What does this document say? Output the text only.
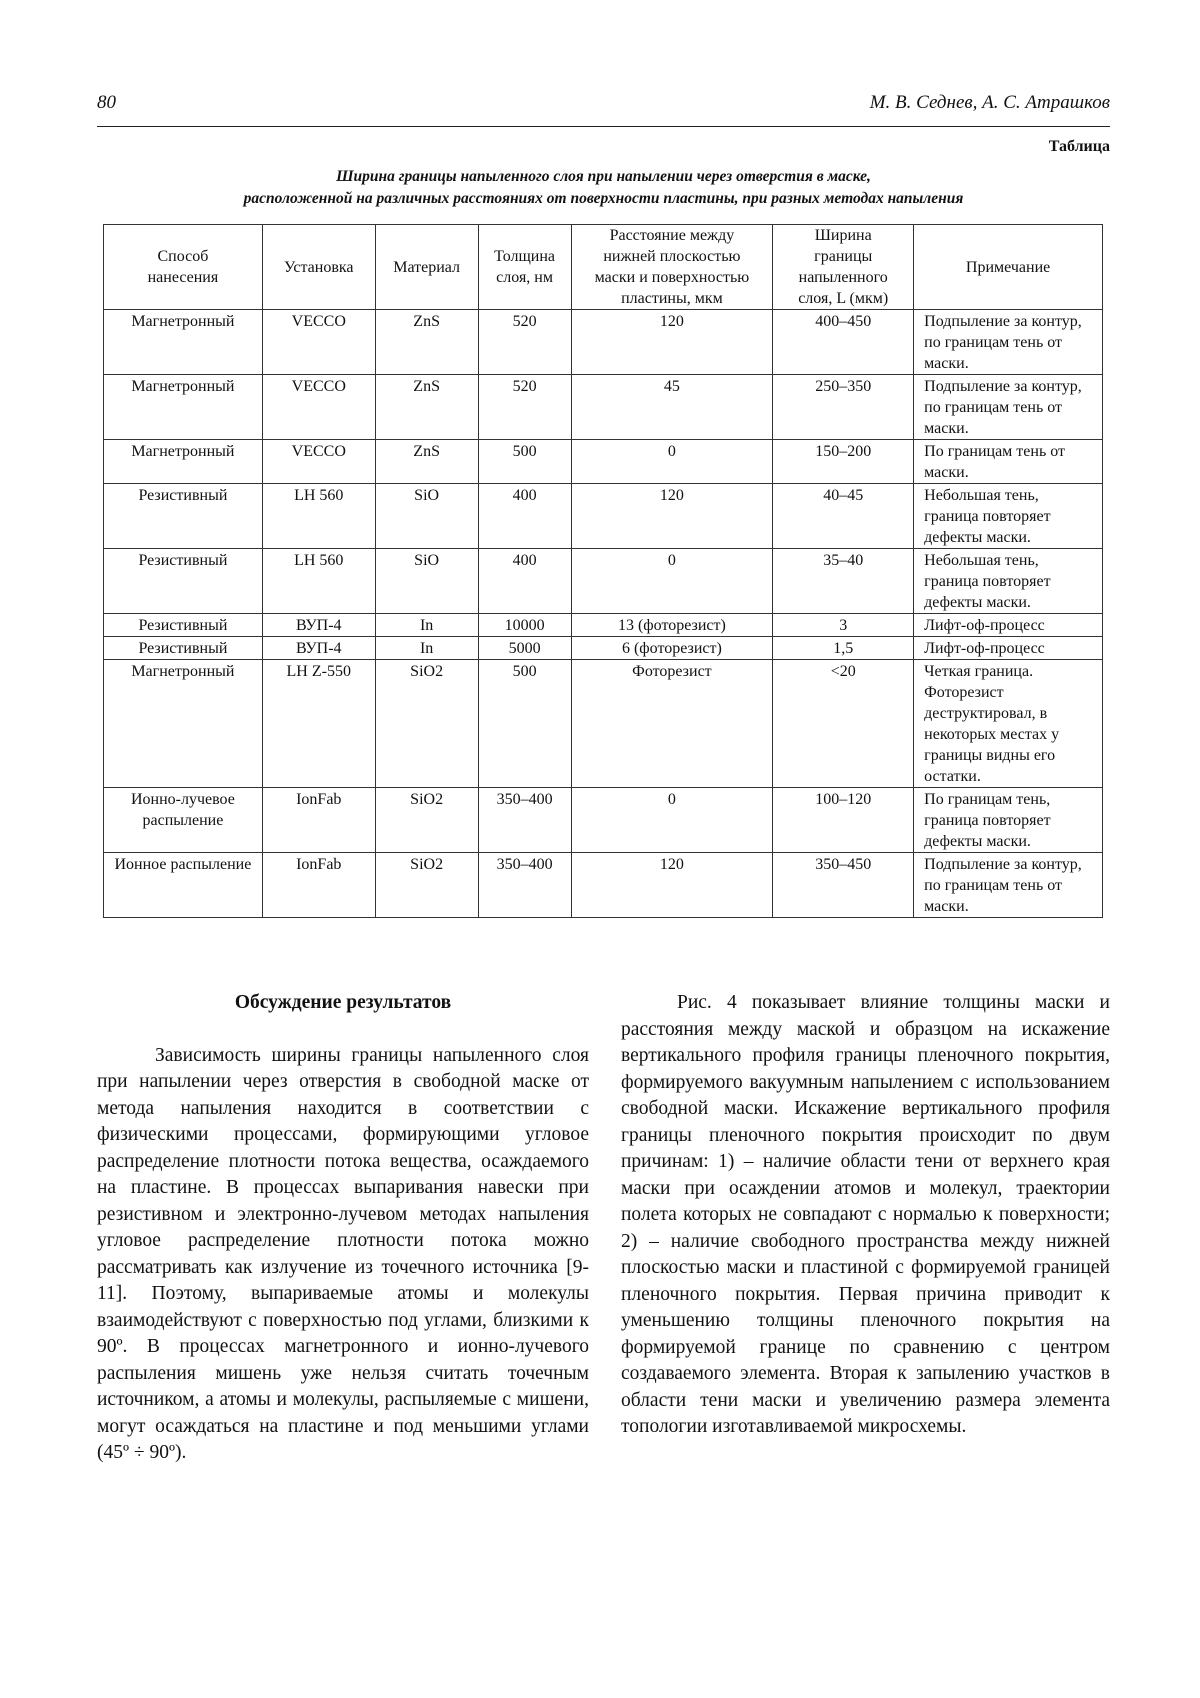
80	М. В. Седнев, А. С. Атрашков
Таблица
Ширина границы напыленного слоя при напылении через отверстия в маске,
расположенной на различных расстояниях от поверхности пластины, при разных методах напыления
Способ нанесения	Установка	Материал	Толщина слоя, нм	Расстояние между нижней плоскостью маски и поверхностью пластины, мкм	Ширина границы напыленного слоя, L (мкм)	Примечание
Магнетронный	VECCO	ZnS	520	120	400–450	Подпыление за контур, по границам тень от маски.
Магнетронный	VECCO	ZnS	520	45	250–350	Подпыление за контур, по границам тень от маски.
Магнетронный	VECCO	ZnS	500	0	150–200	По границам тень от маски.
Резистивный	LH 560	SiO	400	120	40–45	Небольшая тень, граница повторяет дефекты маски.
Резистивный	LH 560	SiO	400	0	35–40	Небольшая тень, граница повторяет дефекты маски.
Резистивный	ВУП-4	In	10000	13 (фоторезист)	3	Лифт-оф-процесс
Резистивный	ВУП-4	In	5000	6 (фоторезист)	1,5	Лифт-оф-процесс
Магнетронный	LH Z-550	SiO2	500	Фоторезист	<20	Четкая граница. Фоторезист деструктировал, в некоторых местах у границы видны его остатки.
Ионно-лучевое распыление	IonFab	SiO2	350–400	0	100–120	По границам тень, граница повторяет дефекты маски.
Ионное распыление	IonFab	SiO2	350–400	120	350–450	Подпыление за контур, по границам тень от маски.
Обсуждение результатов

Зависимость ширины границы напыленного слоя при напылении через отверстия в свободной маске от метода напыления находится в соответствии с физическими процессами, формирующими угловое распределение плотности потока вещества, осаждаемого на пластине. В процессах выпаривания навески при резистивном и электронно-лучевом методах напыления угловое распределение плотности потока можно рассматривать как излучение из точечного источника [9-11]. Поэтому, выпариваемые атомы и молекулы взаимодействуют с поверхностью под углами, близкими к 90º. В процессах магнетронного и ионно-лучевого распыления мишень уже нельзя считать точечным источником, а атомы и молекулы, распыляемые с мишени, могут осаждаться на пластине и под меньшими углами (45º ÷ 90º).

Рис. 4 показывает влияние толщины маски и расстояния между маской и образцом на искажение вертикального профиля границы пленочного покрытия, формируемого вакуумным напылением с использованием свободной маски. Искажение вертикального профиля границы пленочного покрытия происходит по двум причинам: 1) – наличие области тени от верхнего края маски при осаждении атомов и молекул, траектории полета которых не совпадают с нормалью к поверхности; 2) – наличие свободного пространства между нижней плоскостью маски и пластиной с формируемой границей пленочного покрытия. Первая причина приводит к уменьшению толщины пленочного покрытия на формируемой границе по сравнению с центром создаваемого элемента. Вторая к запылению участков в области тени маски и увеличению размера элемента топологии изготавливаемой микросхемы.
